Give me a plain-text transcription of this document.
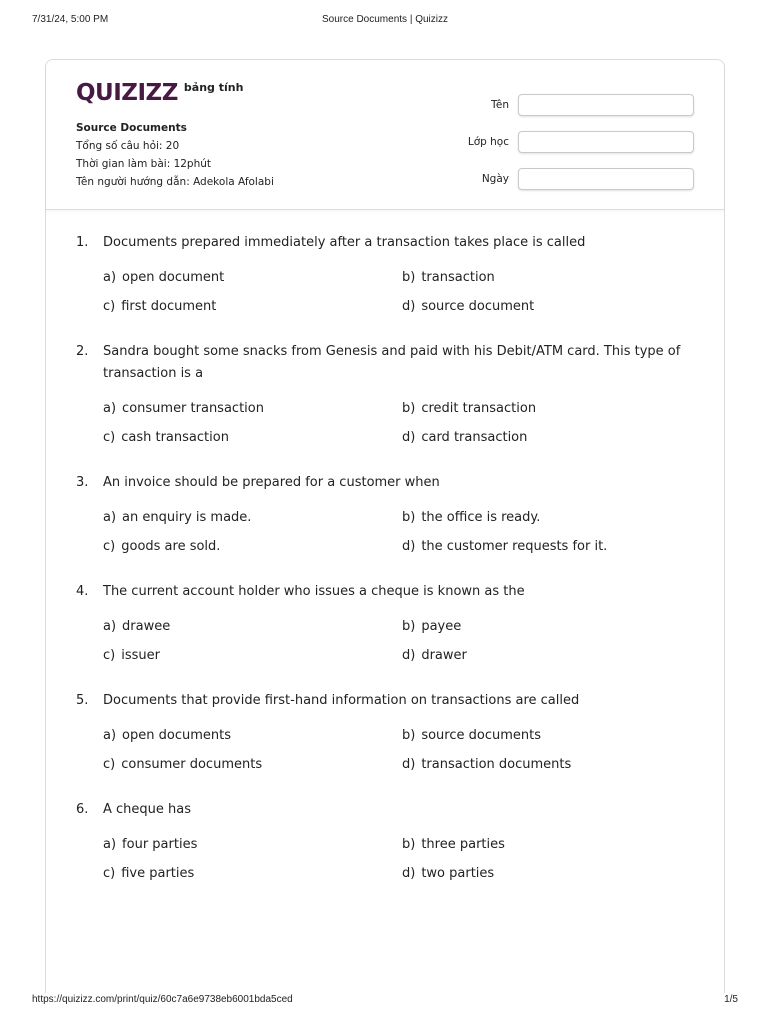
7/31/24, 5:00 PM	Source Documents | Quizizz
QUIZIZZ bảng tính
Source Documents
Tổng số câu hỏi: 20
Thời gian làm bài: 12phút
Tên người hướng dẫn: Adekola Afolabi
Tên
Lớp học
Ngày
1.	Documents prepared immediately after a transaction takes place is called
a) open document	b) transaction
c) first document	d) source document
2.	Sandra bought some snacks from Genesis and paid with his Debit/ATM card. This type of transaction is a
a) consumer transaction	b) credit transaction
c) cash transaction	d) card transaction
3.	An invoice should be prepared for a customer when
a) an enquiry is made.	b) the office is ready.
c) goods are sold.	d) the customer requests for it.
4.	The current account holder who issues a cheque is known as the
a) drawee	b) payee
c) issuer	d) drawer
5.	Documents that provide first-hand information on transactions are called
a) open documents	b) source documents
c) consumer documents	d) transaction documents
6.	A cheque has
a) four parties	b) three parties
c) five parties	d) two parties
https://quizizz.com/print/quiz/60c7a6e9738eb6001bda5ced	1/5
